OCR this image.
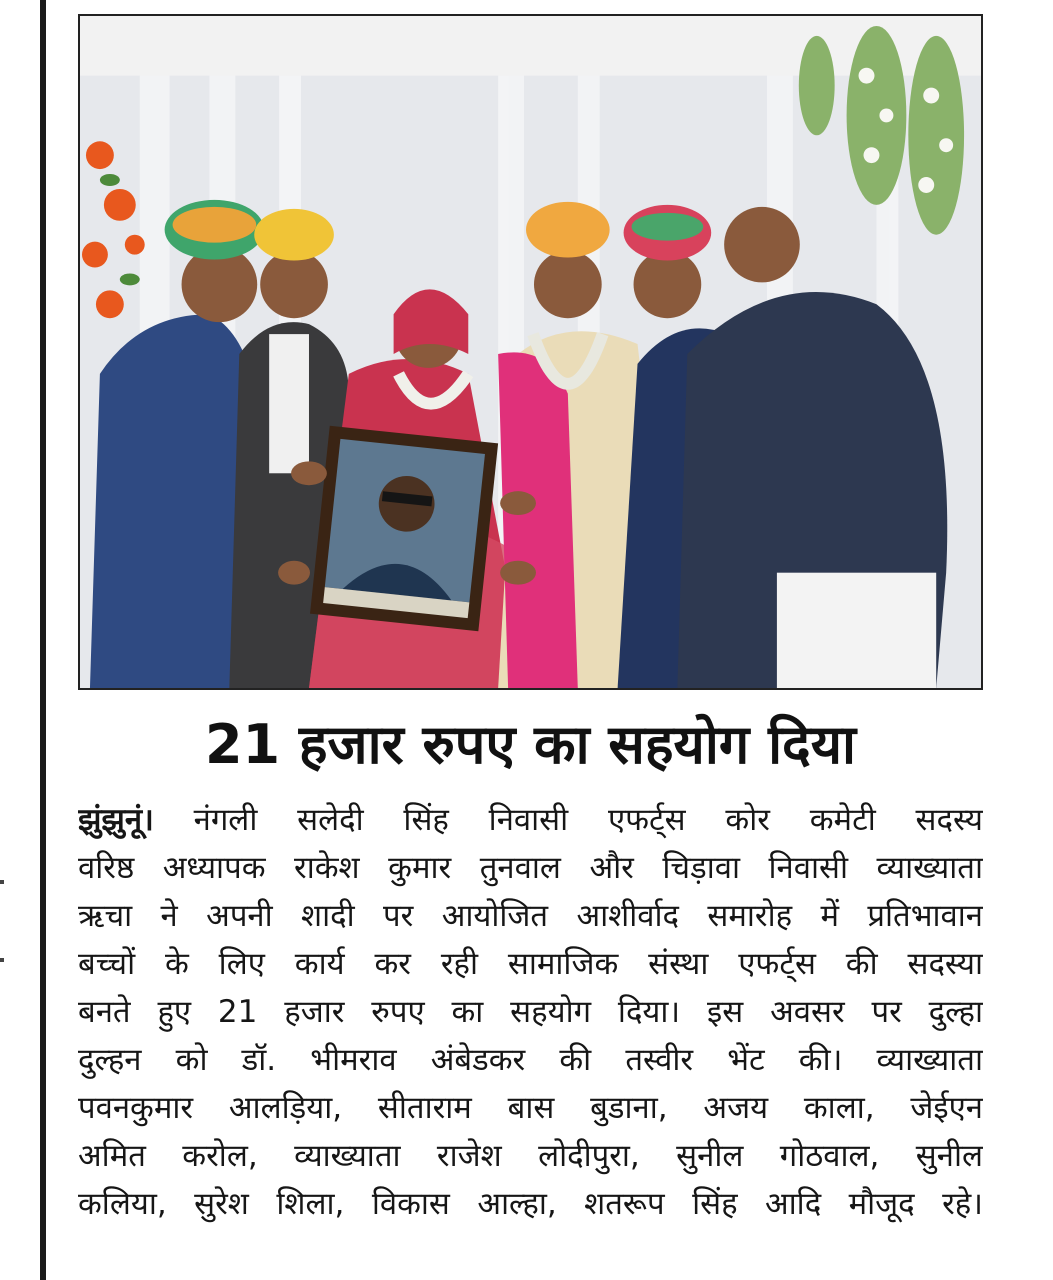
21 हजार रुपए का सहयोग दिया
झुंझुनूं। नंगली सलेदी सिंह निवासी एफर्ट्स कोर कमेटी सदस्य
वरिष्ठ अध्यापक राकेश कुमार तुनवाल और चिड़ावा निवासी व्याख्याता
ऋचा ने अपनी शादी पर आयोजित आशीर्वाद समारोह में प्रतिभावान
बच्चों के लिए कार्य कर रही सामाजिक संस्था एफर्ट्स की सदस्या
बनते हुए 21 हजार रुपए का सहयोग दिया। इस अवसर पर दुल्हा
दुल्हन को डॉ. भीमराव अंबेडकर की तस्वीर भेंट की। व्याख्याता
पवनकुमार आलड़िया, सीताराम बास बुडाना, अजय काला, जेईएन
अमित करोल, व्याख्याता राजेश लोदीपुरा, सुनील गोठवाल, सुनील
कलिया, सुरेश शिला, विकास आल्हा, शतरूप सिंह आदि मौजूद रहे।
